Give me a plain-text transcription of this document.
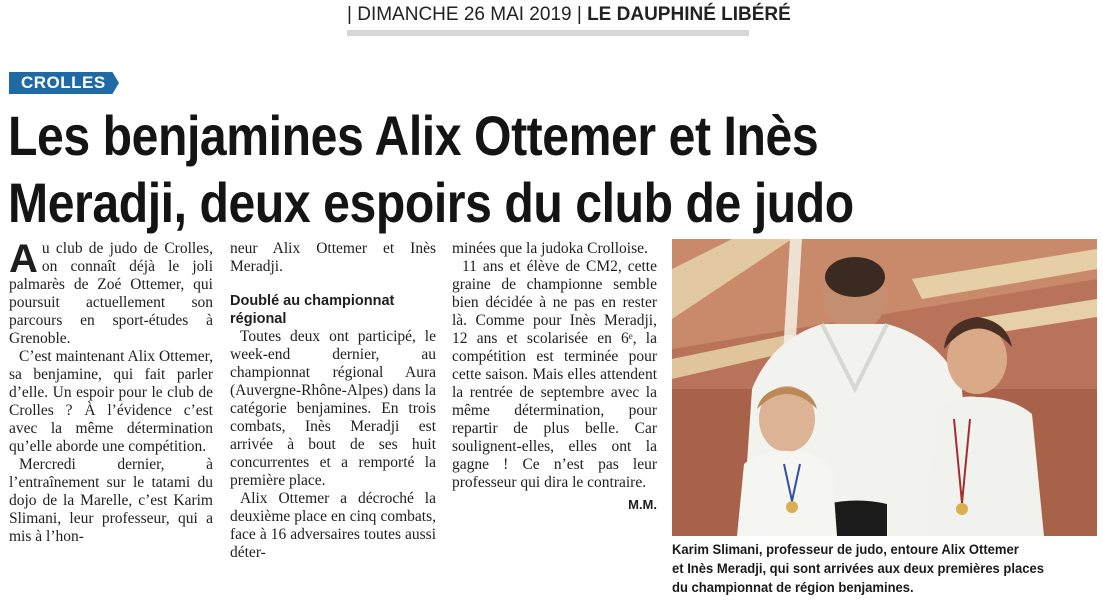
| DIMANCHE 26 MAI 2019 | LE DAUPHINÉ LIBÉRÉ
CROLLES
Les benjamines Alix Ottemer et Inès
Meradji, deux espoirs du club de judo

Au club de judo de Crolles, on connaît déjà le joli palmarès de Zoé Ottemer, qui poursuit actuellement son parcours en sport-études à Grenoble.

C’est maintenant Alix Ottemer, sa benjamine, qui fait parler d’elle. Un espoir pour le club de Crolles ? À l’évidence c’est avec la même détermination qu’elle aborde une compétition.

Mercredi dernier, à l’entraînement sur le tatami du dojo de la Marelle, c’est Karim Slimani, leur professeur, qui a mis à l’hon-

neur Alix Ottemer et Inès Meradji.

Doublé au championnat régional

Toutes deux ont participé, le week-end dernier, au championnat régional Aura (Auvergne-Rhône-Alpes) dans la catégorie benjamines. En trois combats, Inès Meradji est arrivée à bout de ses huit concurrentes et a remporté la première place.

Alix Ottemer a décroché la deuxième place en cinq combats, face à 16 adversaires toutes aussi déter-

minées que la judoka Crolloise.

11 ans et élève de CM2, cette graine de championne semble bien décidée à ne pas en rester là. Comme pour Inès Meradji, 12 ans et scolarisée en 6ᵉ, la compétition est terminée pour cette saison. Mais elles attendent la rentrée de septembre avec la même détermination, pour repartir de plus belle. Car soulignent-elles, elles ont la gagne ! Ce n’est pas leur professeur qui dira le contraire.

M.M.

Karim Slimani, professeur de judo, entoure Alix Ottemer
et Inès Meradji, qui sont arrivées aux deux premières places
du championnat de région benjamines.
